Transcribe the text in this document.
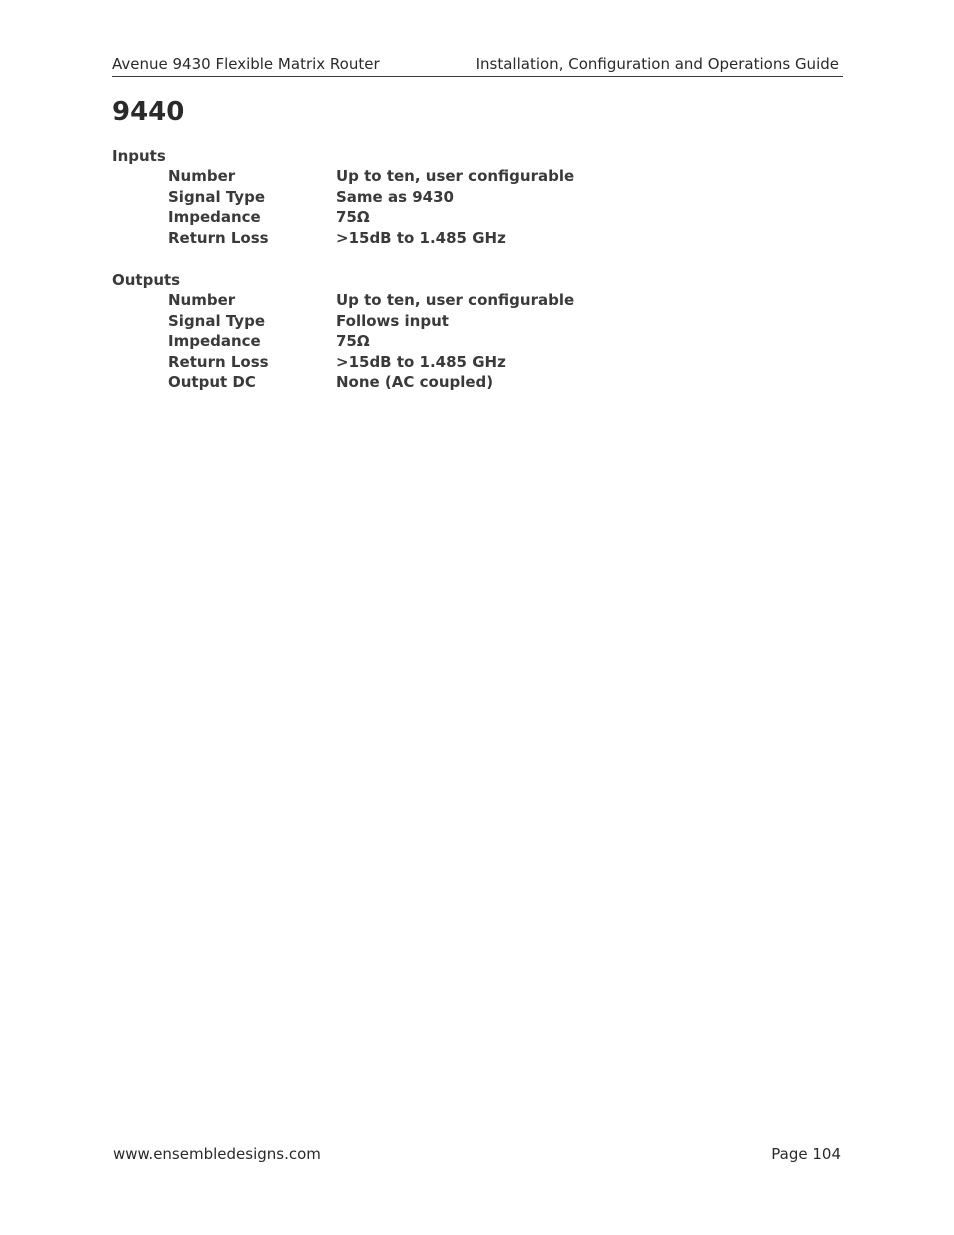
Avenue 9430 Flexible Matrix Router	Installation, Configuration and Operations Guide
9440
Inputs
Number	Up to ten, user configurable
Signal Type	Same as 9430
Impedance	75Ω
Return Loss	>15dB to 1.485 GHz
Outputs
Number	Up to ten, user configurable
Signal Type	Follows input
Impedance	75Ω
Return Loss	>15dB to 1.485 GHz
Output DC	None (AC coupled)
www.ensembledesigns.com	Page 104
